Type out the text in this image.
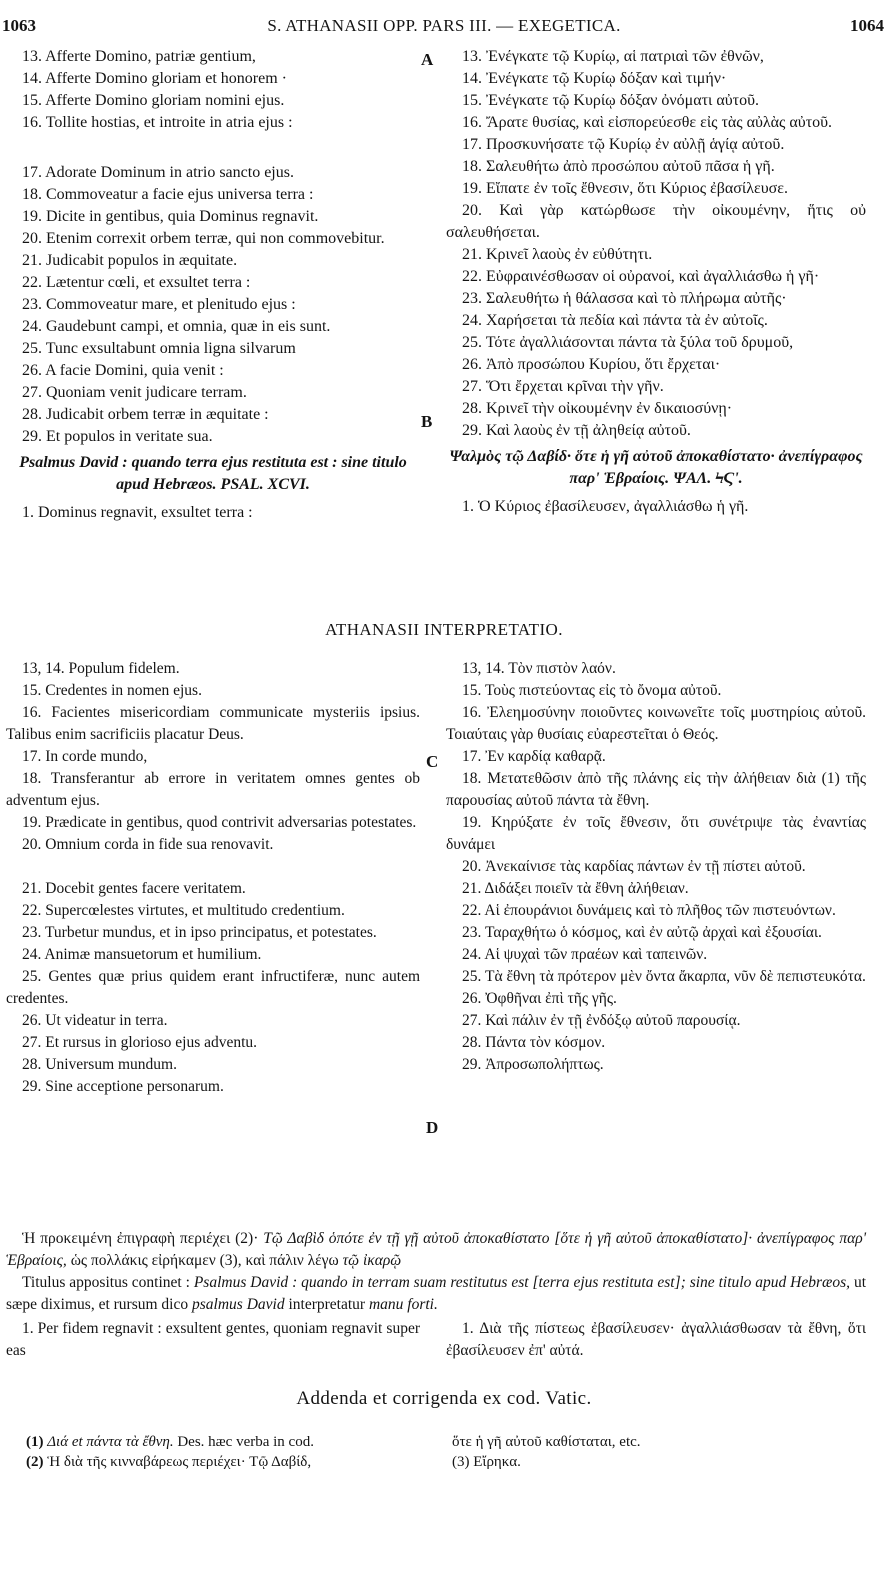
1063	S. ATHANASII OPP. PARS III. — EXEGETICA.	1064
A
B
C
D

13. Afferte Domino, patriæ gentium,

14. Afferte Domino gloriam et honorem ·

15. Afferte Domino gloriam nomini ejus.

16. Tollite hostias, et introite in atria ejus :

17. Adorate Dominum in atrio sancto ejus.

18. Commoveatur a facie ejus universa terra :

19. Dicite in gentibus, quia Dominus regnavit.

20. Etenim correxit orbem terræ, qui non commovebitur.

21. Judicabit populos in æquitate.

22. Lætentur cœli, et exsultet terra :

23. Commoveatur mare, et plenitudo ejus :

24. Gaudebunt campi, et omnia, quæ in eis sunt.

25. Tunc exsultabunt omnia ligna silvarum

26. A facie Domini, quia venit :

27. Quoniam venit judicare terram.

28. Judicabit orbem terræ in æquitate :

29. Et populos in veritate sua.

Psalmus David : quando terra ejus restituta est : sine titulo apud Hebræos. PSAL. XCVI.

1. Dominus regnavit, exsultet terra :

13. Ἐνέγκατε τῷ Κυρίῳ, αἱ πατριαὶ τῶν ἐθνῶν,

14. Ἐνέγκατε τῷ Κυρίῳ δόξαν καὶ τιμήν·

15. Ἐνέγκατε τῷ Κυρίῳ δόξαν ὀνόματι αὐτοῦ.

16. Ἄρατε θυσίας, καὶ εἰσπορεύεσθε εἰς τὰς αὐλὰς αὐτοῦ.

17. Προσκυνήσατε τῷ Κυρίῳ ἐν αὐλῇ ἁγίᾳ αὐτοῦ.

18. Σαλευθήτω ἀπὸ προσώπου αὐτοῦ πᾶσα ἡ γῆ.

19. Εἴπατε ἐν τοῖς ἔθνεσιν, ὅτι Κύριος ἐβασίλευσε.

20. Καὶ γὰρ κατώρθωσε τὴν οἰκουμένην, ἥτις οὐ σαλευθήσεται.

21. Κρινεῖ λαοὺς ἐν εὐθύτητι.

22. Εὐφραινέσθωσαν οἱ οὐρανοί, καὶ ἀγαλλιάσθω ἡ γῆ·

23. Σαλευθήτω ἡ θάλασσα καὶ τὸ πλήρωμα αὐτῆς·

24. Χαρήσεται τὰ πεδία καὶ πάντα τὰ ἐν αὐτοῖς.

25. Τότε ἀγαλλιάσονται πάντα τὰ ξύλα τοῦ δρυμοῦ,

26. Ἀπὸ προσώπου Κυρίου, ὅτι ἔρχεται·

27. Ὅτι ἔρχεται κρῖναι τὴν γῆν.

28. Κρινεῖ τὴν οἰκουμένην ἐν δικαιοσύνῃ·

29. Καὶ λαοὺς ἐν τῇ ἀληθείᾳ αὐτοῦ.

Ψαλμὸς τῷ Δαβίδ· ὅτε ἡ γῆ αὐτοῦ ἀποκαθίστατο· ἀνεπίγραφος παρ' Ἑβραίοις. ΨΑΛ. ϞϚ'.

1. Ὁ Κύριος ἐβασίλευσεν, ἀγαλλιάσθω ἡ γῆ.

ATHANASII INTERPRETATIO.

13, 14. Populum fidelem.

15. Credentes in nomen ejus.

16. Facientes misericordiam communicate mysteriis ipsius. Talibus enim sacrificiis placatur Deus.

17. In corde mundo,

18. Transferantur ab errore in veritatem omnes gentes ob adventum ejus.

19. Prædicate in gentibus, quod contrivit adversarias potestates.

20. Omnium corda in fide sua renovavit.

21. Docebit gentes facere veritatem.

22. Supercœlestes virtutes, et multitudo credentium.

23. Turbetur mundus, et in ipso principatus, et potestates.

24. Animæ mansuetorum et humilium.

25. Gentes quæ prius quidem erant infructiferæ, nunc autem credentes.

26. Ut videatur in terra.

27. Et rursus in glorioso ejus adventu.

28. Universum mundum.

29. Sine acceptione personarum.

13, 14. Τὸν πιστὸν λαόν.

15. Τοὺς πιστεύοντας εἰς τὸ ὄνομα αὐτοῦ.

16. Ἐλεημοσύνην ποιοῦντες κοινωνεῖτε τοῖς μυστηρίοις αὐτοῦ. Τοιαύταις γὰρ θυσίαις εὐαρεστεῖται ὁ Θεός.

17. Ἐν καρδίᾳ καθαρᾷ.

18. Μετατεθῶσιν ἀπὸ τῆς πλάνης εἰς τὴν ἀλήθειαν διὰ (1) τῆς παρουσίας αὐτοῦ πάντα τὰ ἔθνη.

19. Κηρύξατε ἐν τοῖς ἔθνεσιν, ὅτι συνέτριψε τὰς ἐναντίας δυνάμει

20. Ἀνεκαίνισε τὰς καρδίας πάντων ἐν τῇ πίστει αὐτοῦ.

21. Διδάξει ποιεῖν τὰ ἔθνη ἀλήθειαν.

22. Αἱ ἐπουράνιοι δυνάμεις καὶ τὸ πλῆθος τῶν πιστευόντων.

23. Ταραχθήτω ὁ κόσμος, καὶ ἐν αὐτῷ ἀρχαὶ καὶ ἐξουσίαι.

24. Αἱ ψυχαὶ τῶν πραέων καὶ ταπεινῶν.

25. Τὰ ἔθνη τὰ πρότερον μὲν ὄντα ἄκαρπα, νῦν δὲ πεπιστευκότα.

26. Ὀφθῆναι ἐπὶ τῆς γῆς.

27. Καὶ πάλιν ἐν τῇ ἐνδόξῳ αὐτοῦ παρουσίᾳ.

28. Πάντα τὸν κόσμον.

29. Ἀπροσωπολήπτως.

Ἡ προκειμένη ἐπιγραφὴ περιέχει (2)· Τῷ Δαβὶδ ὁπότε ἐν τῇ γῇ αὐτοῦ ἀποκαθίστατο [ὅτε ἡ γῆ αὐτοῦ ἀποκαθίστατο]· ἀνεπίγραφος παρ' Ἑβραίοις, ὡς πολλάκις εἰρήκαμεν (3), καὶ πάλιν λέγω τῷ ἰκαρῷ

Titulus appositus continet : Psalmus David : quando in terram suam restitutus est [terra ejus restituta est]; sine titulo apud Hebræos, ut sæpe diximus, et rursum dico psalmus David interpretatur manu forti.

1. Per fidem regnavit : exsultent gentes, quoniam regnavit super eas

1. Διὰ τῆς πίστεως ἐβασίλευσεν· ἀγαλλιάσθωσαν τὰ ἔθνη, ὅτι ἐβασίλευσεν ἐπ' αὐτά.

Addenda et corrigenda ex cod. Vatic.
(1) Διά et πάντα τὰ ἔθνη. Des. hæc verba in cod.
(2) Ἡ διὰ τῆς κινναβάρεως περιέχει· Τῷ Δαβίδ,
ὅτε ἡ γῆ αὐτοῦ καθίσταται, etc.
(3) Εἴρηκα.
